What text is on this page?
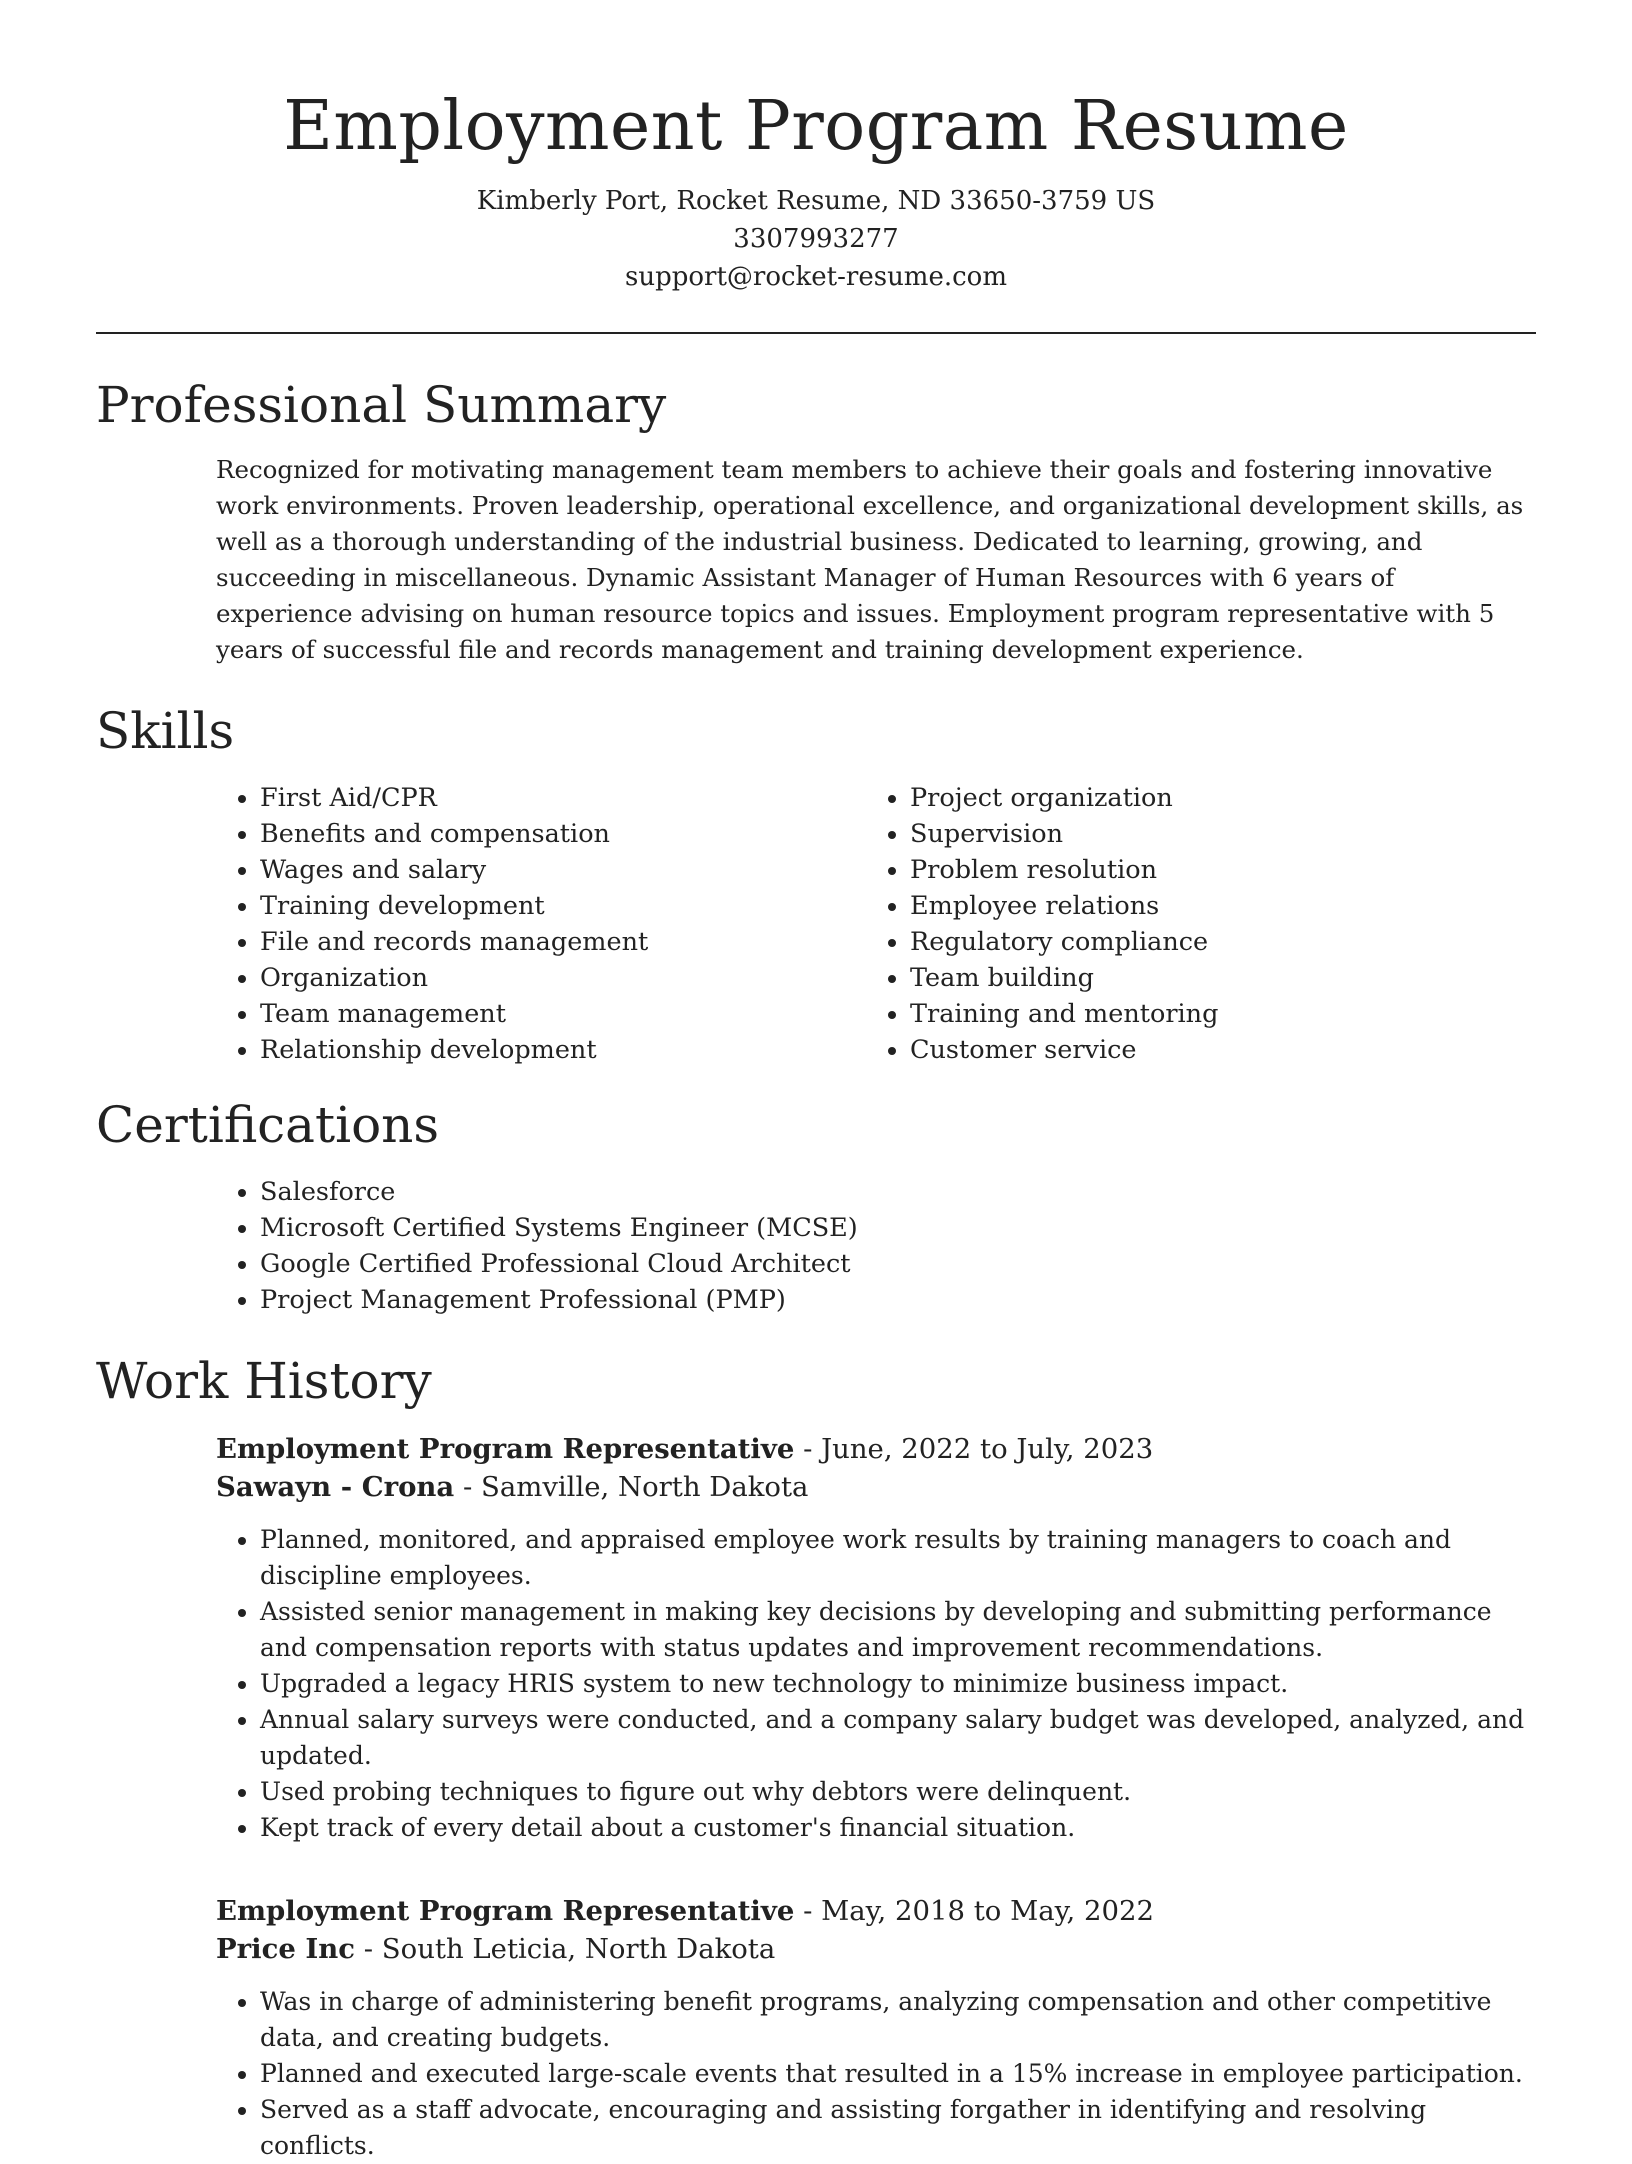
Employment Program Resume
Kimberly Port, Rocket Resume, ND 33650-3759 US
3307993277
support@rocket-resume.com
Professional Summary

Recognized for motivating management team members to achieve their goals and fostering innovative work environments. Proven leadership, operational excellence, and organizational development skills, as well as a thorough understanding of the industrial business. Dedicated to learning, growing, and succeeding in miscellaneous. Dynamic Assistant Manager of Human Resources with 6 years of experience advising on human resource topics and issues. Employment program representative with 5 years of successful file and records management and training development experience.

Skills
• First Aid/CPR
• Benefits and compensation
• Wages and salary
• Training development
• File and records management
• Organization
• Team management
• Relationship development
• Project organization
• Supervision
• Problem resolution
• Employee relations
• Regulatory compliance
• Team building
• Training and mentoring
• Customer service
Certifications
• Salesforce
• Microsoft Certified Systems Engineer (MCSE)
• Google Certified Professional Cloud Architect
• Project Management Professional (PMP)
Work History
Employment Program Representative - June, 2022 to July, 2023
Sawayn - Crona - Samville, North Dakota
• Planned, monitored, and appraised employee work results by training managers to coach and discipline employees.
• Assisted senior management in making key decisions by developing and submitting performance and compensation reports with status updates and improvement recommendations.
• Upgraded a legacy HRIS system to new technology to minimize business impact.
• Annual salary surveys were conducted, and a company salary budget was developed, analyzed, and updated.
• Used probing techniques to figure out why debtors were delinquent.
• Kept track of every detail about a customer's financial situation.
Employment Program Representative - May, 2018 to May, 2022
Price Inc - South Leticia, North Dakota
• Was in charge of administering benefit programs, analyzing compensation and other competitive data, and creating budgets.
• Planned and executed large-scale events that resulted in a 15% increase in employee participation.
• Served as a staff advocate, encouraging and assisting forgather in identifying and resolving conflicts.
